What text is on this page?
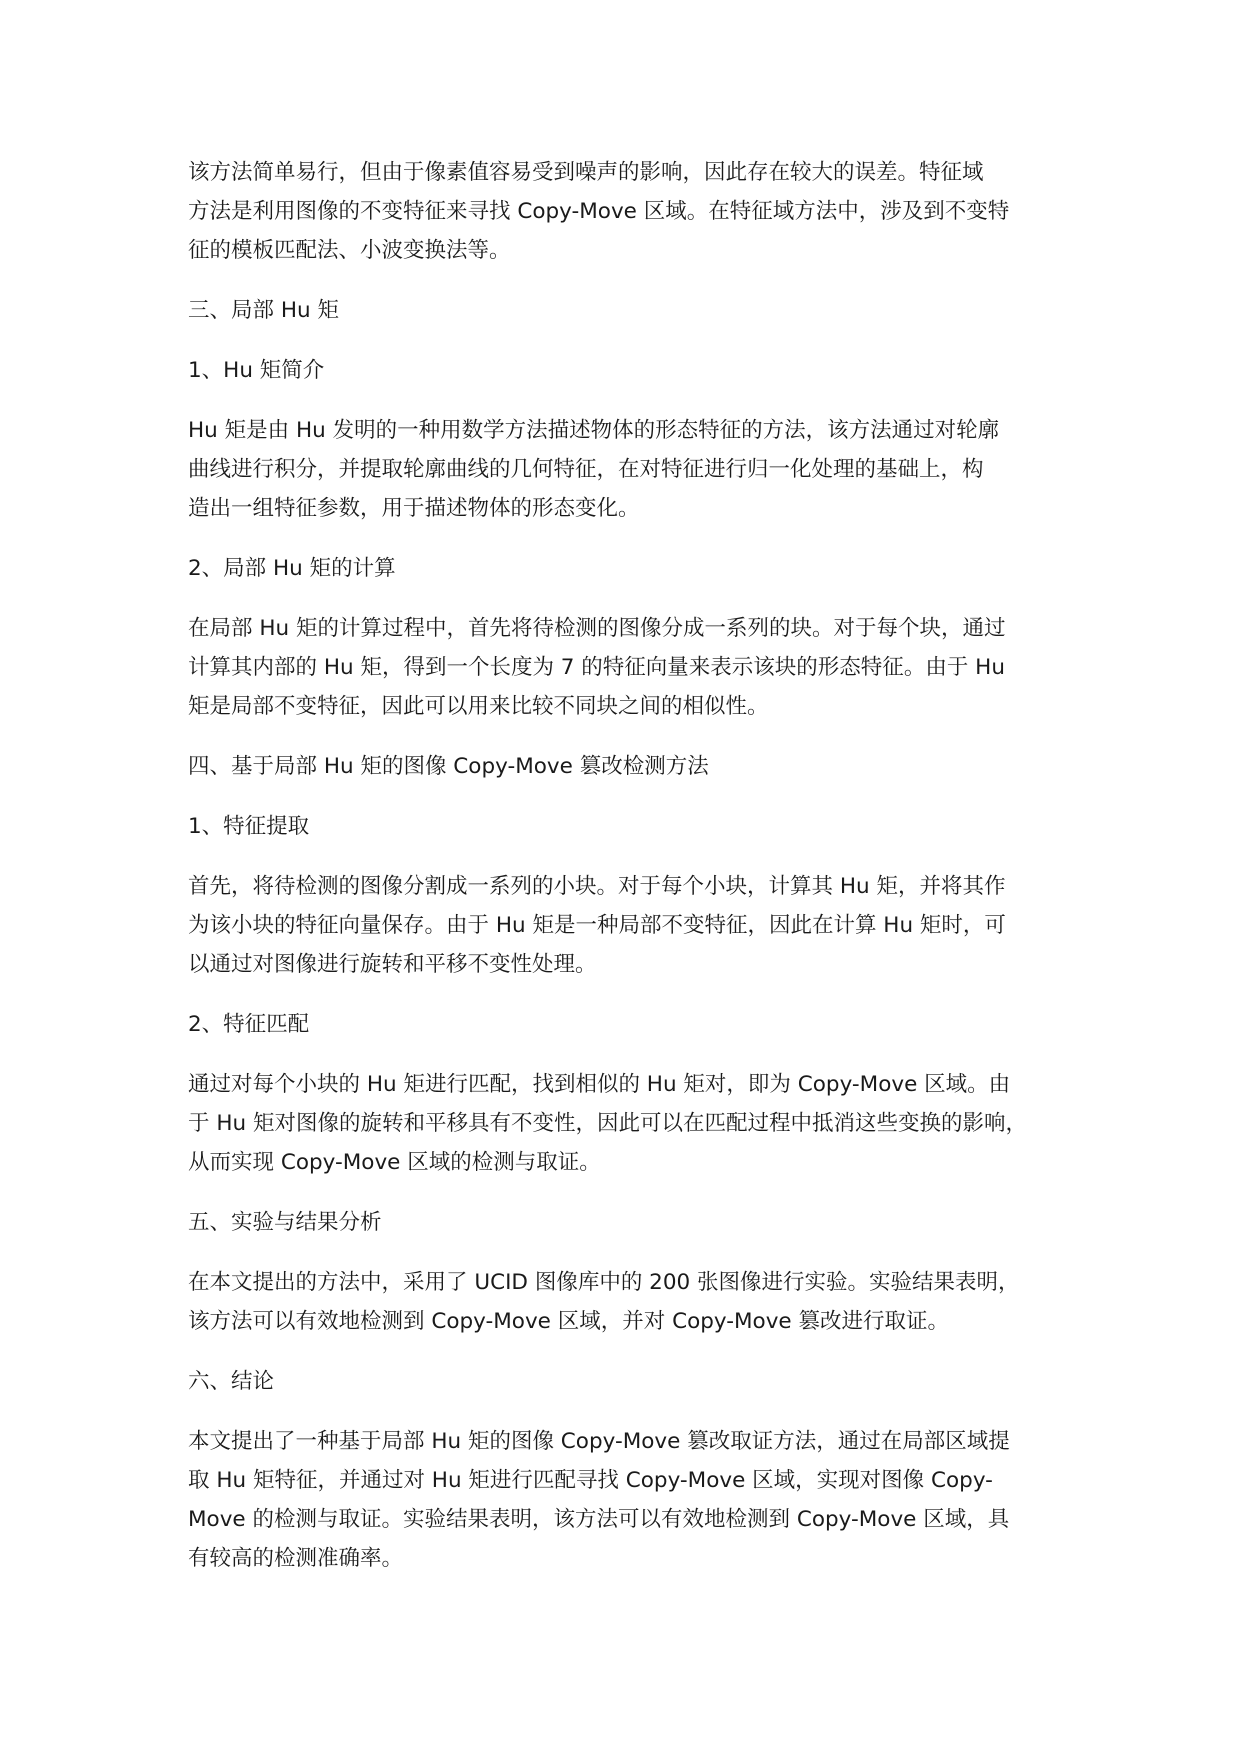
该方法简单易行，但由于像素值容易受到噪声的影响，因此存在较大的误差。特征域
方法是利用图像的不变特征来寻找 Copy-Move 区域。在特征域方法中，涉及到不变特
征的模板匹配法、小波变换法等。

三、局部 Hu 矩
1、Hu 矩简介

Hu 矩是由 Hu 发明的一种用数学方法描述物体的形态特征的方法，该方法通过对轮廓
曲线进行积分，并提取轮廓曲线的几何特征，在对特征进行归一化处理的基础上，构
造出一组特征参数，用于描述物体的形态变化。

2、局部 Hu 矩的计算

在局部 Hu 矩的计算过程中，首先将待检测的图像分成一系列的块。对于每个块，通过
计算其内部的 Hu 矩，得到一个长度为 7 的特征向量来表示该块的形态特征。由于 Hu
矩是局部不变特征，因此可以用来比较不同块之间的相似性。

四、基于局部 Hu 矩的图像 Copy-Move 篡改检测方法
1、特征提取

首先，将待检测的图像分割成一系列的小块。对于每个小块，计算其 Hu 矩，并将其作
为该小块的特征向量保存。由于 Hu 矩是一种局部不变特征，因此在计算 Hu 矩时，可
以通过对图像进行旋转和平移不变性处理。

2、特征匹配

通过对每个小块的 Hu 矩进行匹配，找到相似的 Hu 矩对，即为 Copy-Move 区域。由
于 Hu 矩对图像的旋转和平移具有不变性，因此可以在匹配过程中抵消这些变换的影响，
从而实现 Copy-Move 区域的检测与取证。

五、实验与结果分析

在本文提出的方法中，采用了 UCID 图像库中的 200 张图像进行实验。实验结果表明，
该方法可以有效地检测到 Copy-Move 区域，并对 Copy-Move 篡改进行取证。

六、结论

本文提出了一种基于局部 Hu 矩的图像 Copy-Move 篡改取证方法，通过在局部区域提
取 Hu 矩特征，并通过对 Hu 矩进行匹配寻找 Copy-Move 区域，实现对图像 Copy-
Move 的检测与取证。实验结果表明，该方法可以有效地检测到 Copy-Move 区域，具
有较高的检测准确率。
